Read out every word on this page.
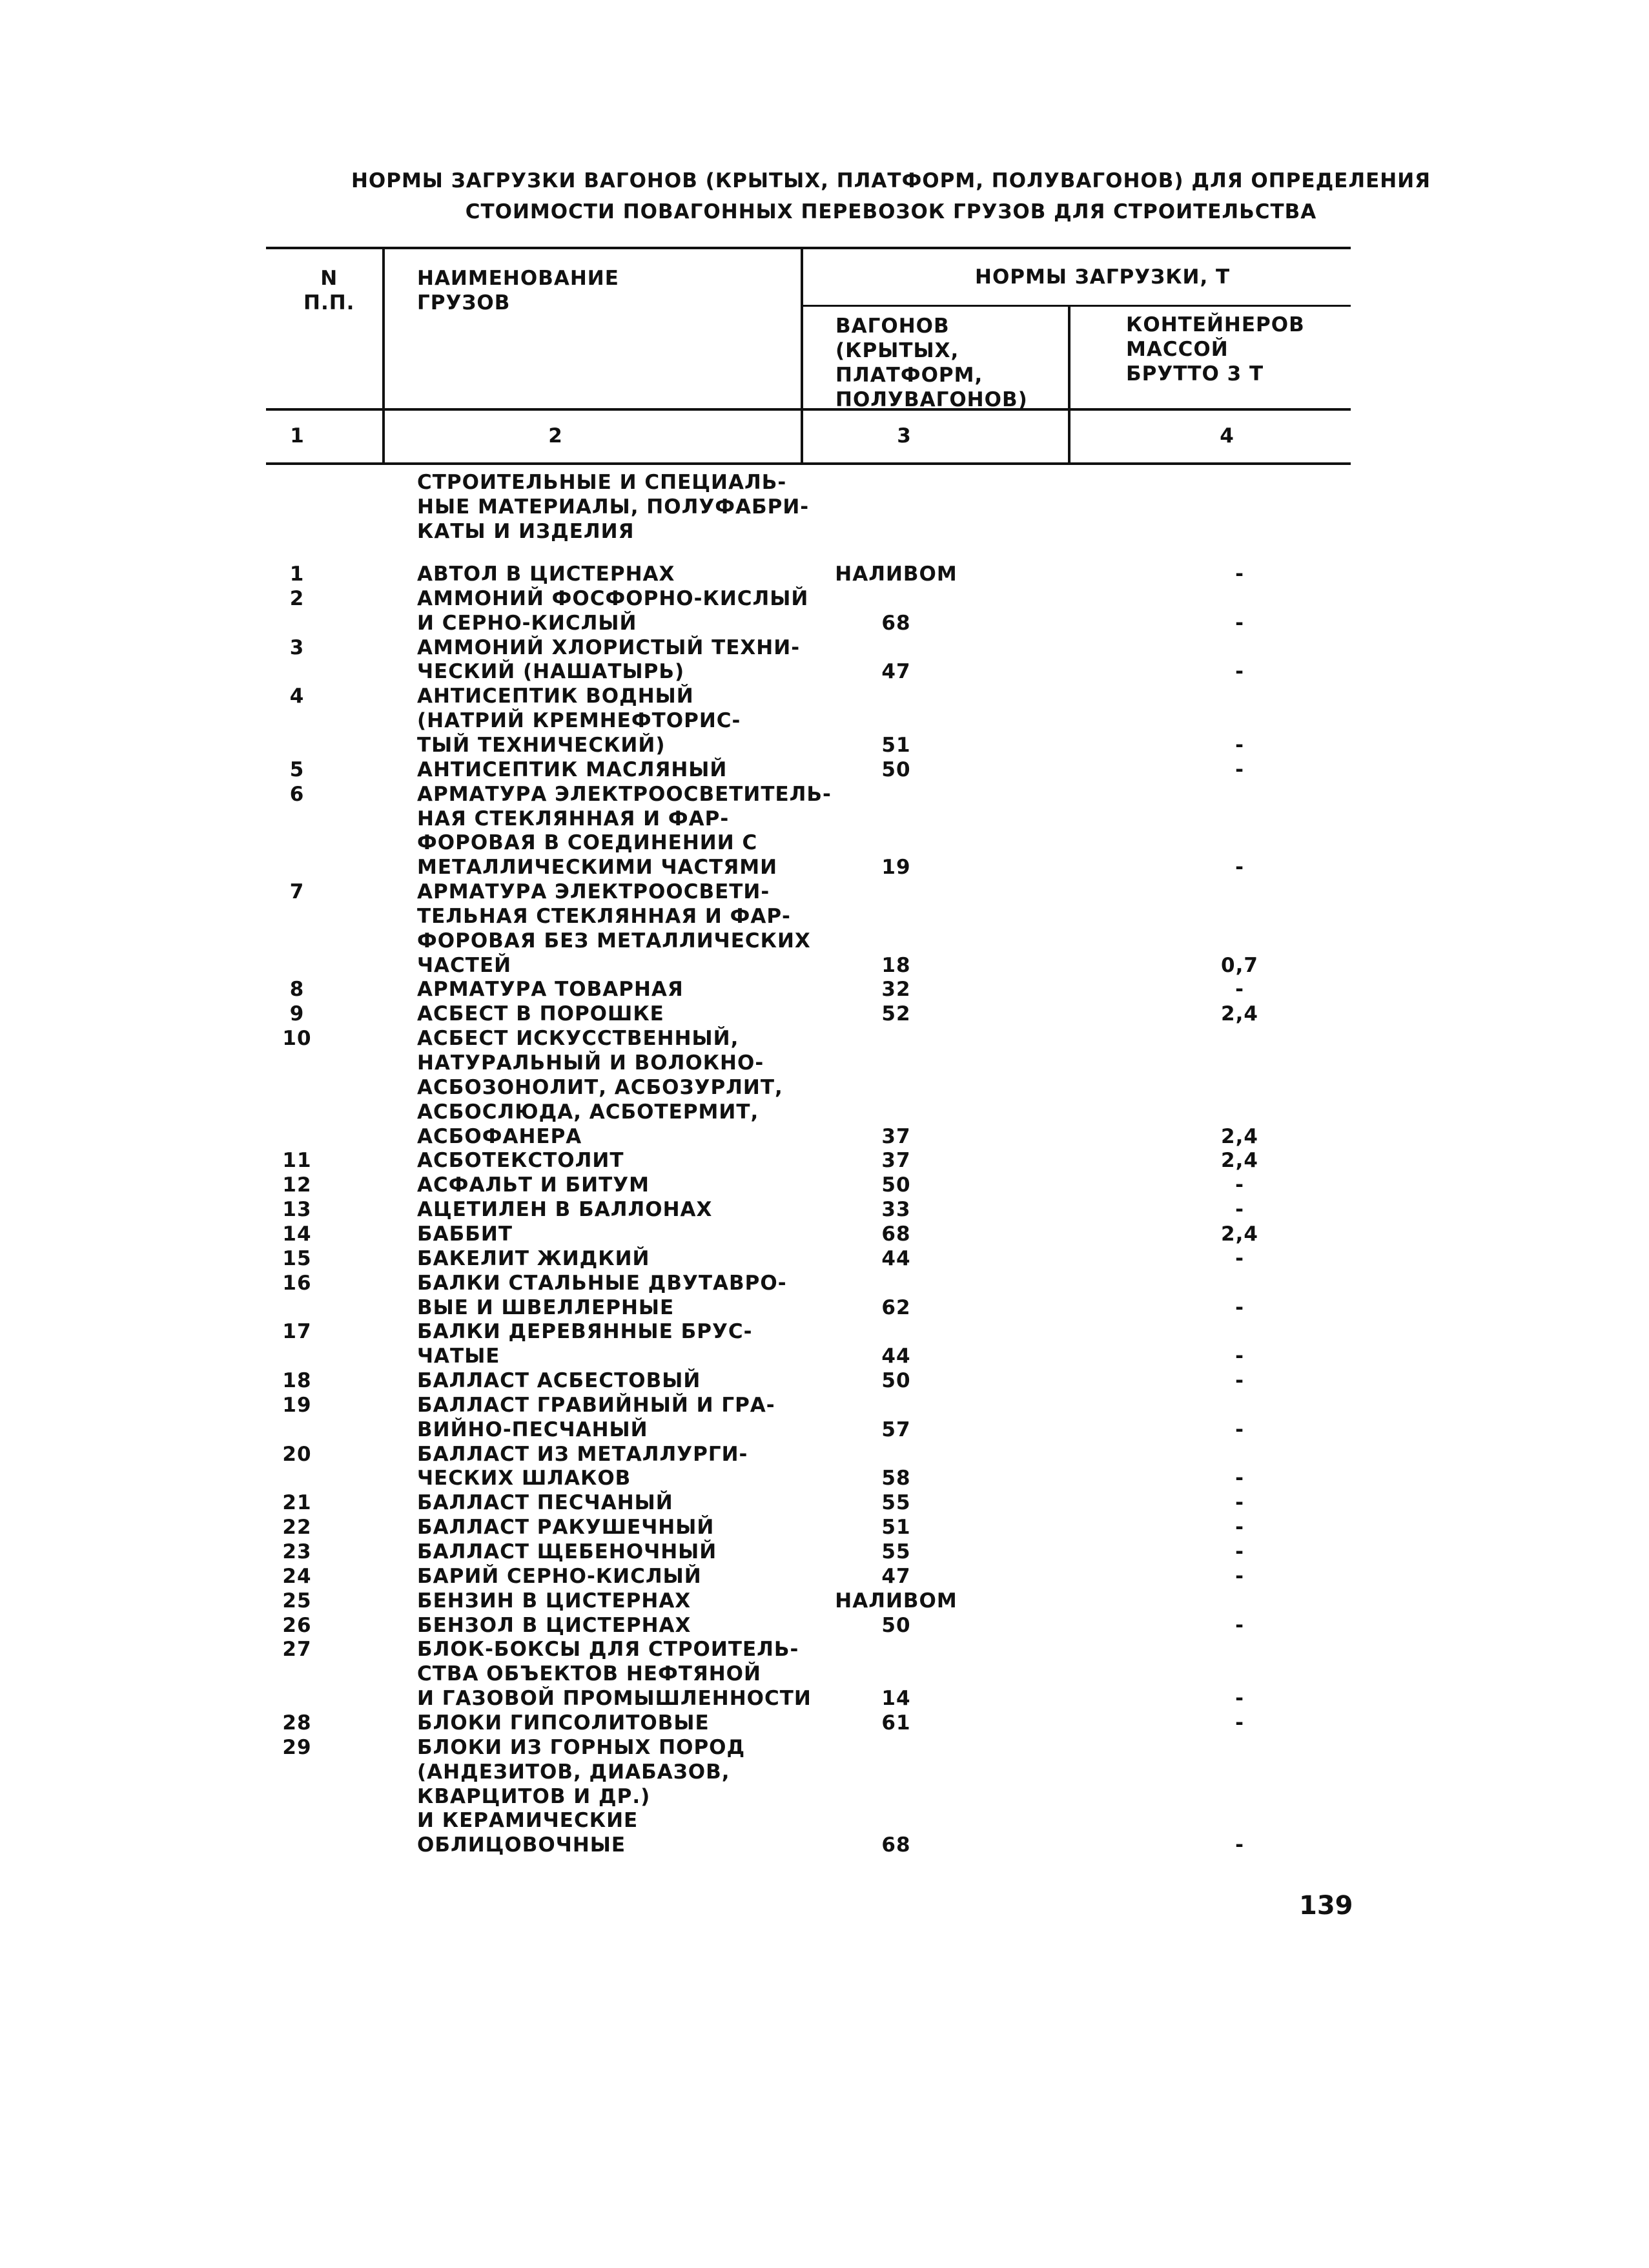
НОРМЫ ЗАГРУЗКИ ВАГОНОВ (КРЫТЫХ, ПЛАТФОРМ, ПОЛУВАГОНОВ) ДЛЯ ОПРЕДЕЛЕНИЯ
СТОИМОСТИ ПОВАГОННЫХ ПЕРЕВОЗОК ГРУЗОВ ДЛЯ СТРОИТЕЛЬСТВА
N
П.П.
НАИМЕНОВАНИЕ
ГРУЗОВ
НОРМЫ ЗАГРУЗКИ, Т
ВАГОНОВ
(КРЫТЫХ,
ПЛАТФОРМ,
ПОЛУВАГОНОВ)
КОНТЕЙНЕРОВ
МАССОЙ
БРУТТО 3 Т
1	2	3	4
СТРОИТЕЛЬНЫЕ И СПЕЦИАЛЬ-
НЫЕ МАТЕРИАЛЫ, ПОЛУФАБРИ-
КАТЫ И ИЗДЕЛИЯ
1	АВТОЛ В ЦИСТЕРНАХ	НАЛИВОМ	-
2	АММОНИЙ ФОСФОРНО-КИСЛЫЙ
И СЕРНО-КИСЛЫЙ	68	-
3	АММОНИЙ ХЛОРИСТЫЙ ТЕХНИ-
ЧЕСКИЙ (НАШАТЫРЬ)	47	-
4	АНТИСЕПТИК ВОДНЫЙ
(НАТРИЙ КРЕМНЕФТОРИС-
ТЫЙ ТЕХНИЧЕСКИЙ)	51	-
5	АНТИСЕПТИК МАСЛЯНЫЙ	50	-
6	АРМАТУРА ЭЛЕКТРООСВЕТИТЕЛЬ-
НАЯ СТЕКЛЯННАЯ И ФАР-
ФОРОВАЯ В СОЕДИНЕНИИ С
МЕТАЛЛИЧЕСКИМИ ЧАСТЯМИ	19	-
7	АРМАТУРА ЭЛЕКТРООСВЕТИ-
ТЕЛЬНАЯ СТЕКЛЯННАЯ И ФАР-
ФОРОВАЯ БЕЗ МЕТАЛЛИЧЕСКИХ
ЧАСТЕЙ	18	0,7
8	АРМАТУРА ТОВАРНАЯ	32	-
9	АСБЕСТ В ПОРОШКЕ	52	2,4
10	АСБЕСТ ИСКУССТВЕННЫЙ,
НАТУРАЛЬНЫЙ И ВОЛОКНО-
АСБОЗОНОЛИТ, АСБОЗУРЛИТ,
АСБОСЛЮДА, АСБОТЕРМИТ,
АСБОФАНЕРА	37	2,4
11	АСБОТЕКСТОЛИТ	37	2,4
12	АСФАЛЬТ И БИТУМ	50	-
13	АЦЕТИЛЕН В БАЛЛОНАХ	33	-
14	БАББИТ	68	2,4
15	БАКЕЛИТ ЖИДКИЙ	44	-
16	БАЛКИ СТАЛЬНЫЕ ДВУТАВРО-
ВЫЕ И ШВЕЛЛЕРНЫЕ	62	-
17	БАЛКИ ДЕРЕВЯННЫЕ БРУС-
ЧАТЫЕ	44	-
18	БАЛЛАСТ АСБЕСТОВЫЙ	50	-
19	БАЛЛАСТ ГРАВИЙНЫЙ И ГРА-
ВИЙНО-ПЕСЧАНЫЙ	57	-
20	БАЛЛАСТ ИЗ МЕТАЛЛУРГИ-
ЧЕСКИХ ШЛАКОВ	58	-
21	БАЛЛАСТ ПЕСЧАНЫЙ	55	-
22	БАЛЛАСТ РАКУШЕЧНЫЙ	51	-
23	БАЛЛАСТ ЩЕБЕНОЧНЫЙ	55	-
24	БАРИЙ СЕРНО-КИСЛЫЙ	47	-
25	БЕНЗИН В ЦИСТЕРНАХ	НАЛИВОМ
26	БЕНЗОЛ В ЦИСТЕРНАХ	50	-
27	БЛОК-БОКСЫ ДЛЯ СТРОИТЕЛЬ-
СТВА ОБЪЕКТОВ НЕФТЯНОЙ
И ГАЗОВОЙ ПРОМЫШЛЕННОСТИ	14	-
28	БЛОКИ ГИПСОЛИТОВЫЕ	61	-
29	БЛОКИ ИЗ ГОРНЫХ ПОРОД
(АНДЕЗИТОВ, ДИАБАЗОВ,
КВАРЦИТОВ И ДР.)
И КЕРАМИЧЕСКИЕ
ОБЛИЦОВОЧНЫЕ	68	-
139
